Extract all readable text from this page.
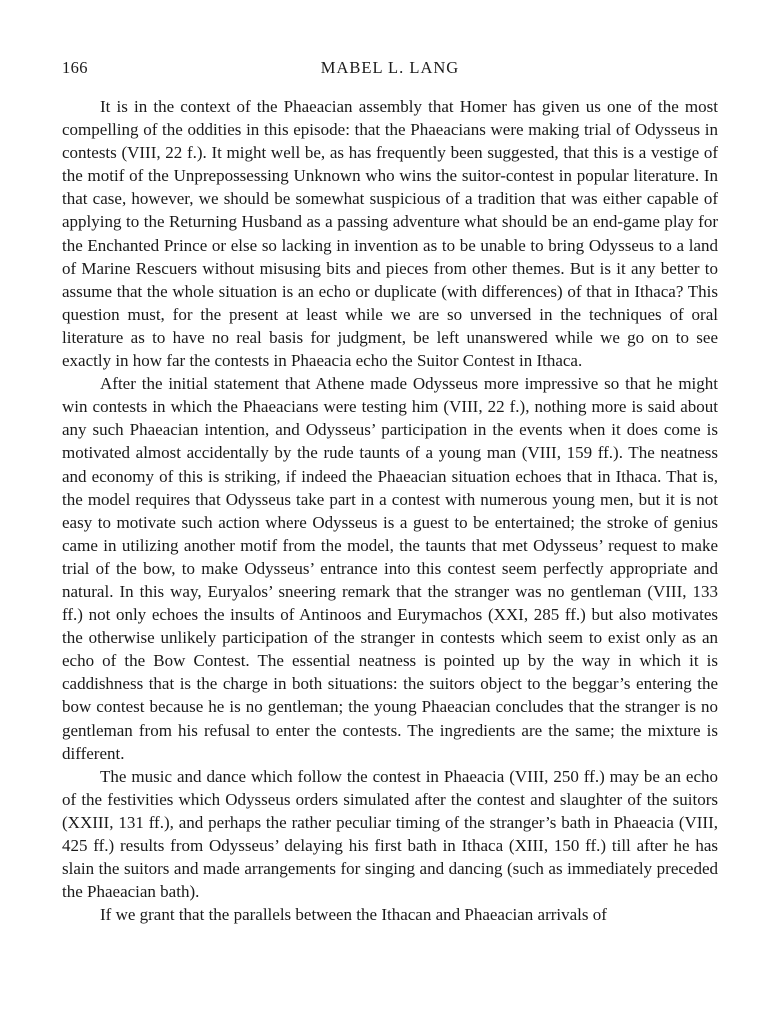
166	MABEL L. LANG

It is in the context of the Phaeacian assembly that Homer has given us one of the most compelling of the oddities in this episode: that the Phaeacians were making trial of Odysseus in contests (VIII, 22 f.). It might well be, as has frequently been suggested, that this is a vestige of the motif of the Unprepossessing Unknown who wins the suitor-contest in popular literature. In that case, however, we should be somewhat suspicious of a tradition that was either capable of applying to the Returning Husband as a passing adventure what should be an end-game play for the Enchanted Prince or else so lacking in invention as to be unable to bring Odysseus to a land of Marine Rescuers without misusing bits and pieces from other themes. But is it any better to assume that the whole situation is an echo or duplicate (with differences) of that in Ithaca? This question must, for the present at least while we are so unversed in the techniques of oral literature as to have no real basis for judgment, be left unanswered while we go on to see exactly in how far the contests in Phaeacia echo the Suitor Contest in Ithaca.

After the initial statement that Athene made Odysseus more impressive so that he might win contests in which the Phaeacians were testing him (VIII, 22 f.), nothing more is said about any such Phaeacian intention, and Odysseus’ participation in the events when it does come is motivated almost accidentally by the rude taunts of a young man (VIII, 159 ff.). The neatness and economy of this is striking, if indeed the Phaeacian situation echoes that in Ithaca. That is, the model requires that Odysseus take part in a contest with numerous young men, but it is not easy to motivate such action where Odysseus is a guest to be entertained; the stroke of genius came in utilizing another motif from the model, the taunts that met Odysseus’ request to make trial of the bow, to make Odysseus’ entrance into this contest seem perfectly appropriate and natural. In this way, Euryalos’ sneering remark that the stranger was no gentleman (VIII, 133 ff.) not only echoes the insults of Antinoos and Eurymachos (XXI, 285 ff.) but also motivates the otherwise unlikely participation of the stranger in contests which seem to exist only as an echo of the Bow Contest. The essential neatness is pointed up by the way in which it is caddishness that is the charge in both situations: the suitors object to the beggar’s entering the bow contest because he is no gentleman; the young Phaeacian concludes that the stranger is no gentleman from his refusal to enter the contests. The ingredients are the same; the mixture is different.

The music and dance which follow the contest in Phaeacia (VIII, 250 ff.) may be an echo of the festivities which Odysseus orders simulated after the contest and slaughter of the suitors (XXIII, 131 ff.), and perhaps the rather peculiar timing of the stranger’s bath in Phaeacia (VIII, 425 ff.) results from Odysseus’ delaying his first bath in Ithaca (XIII, 150 ff.) till after he has slain the suitors and made arrangements for singing and dancing (such as immediately preceded the Phaeacian bath).

If we grant that the parallels between the Ithacan and Phaeacian arrivals of
